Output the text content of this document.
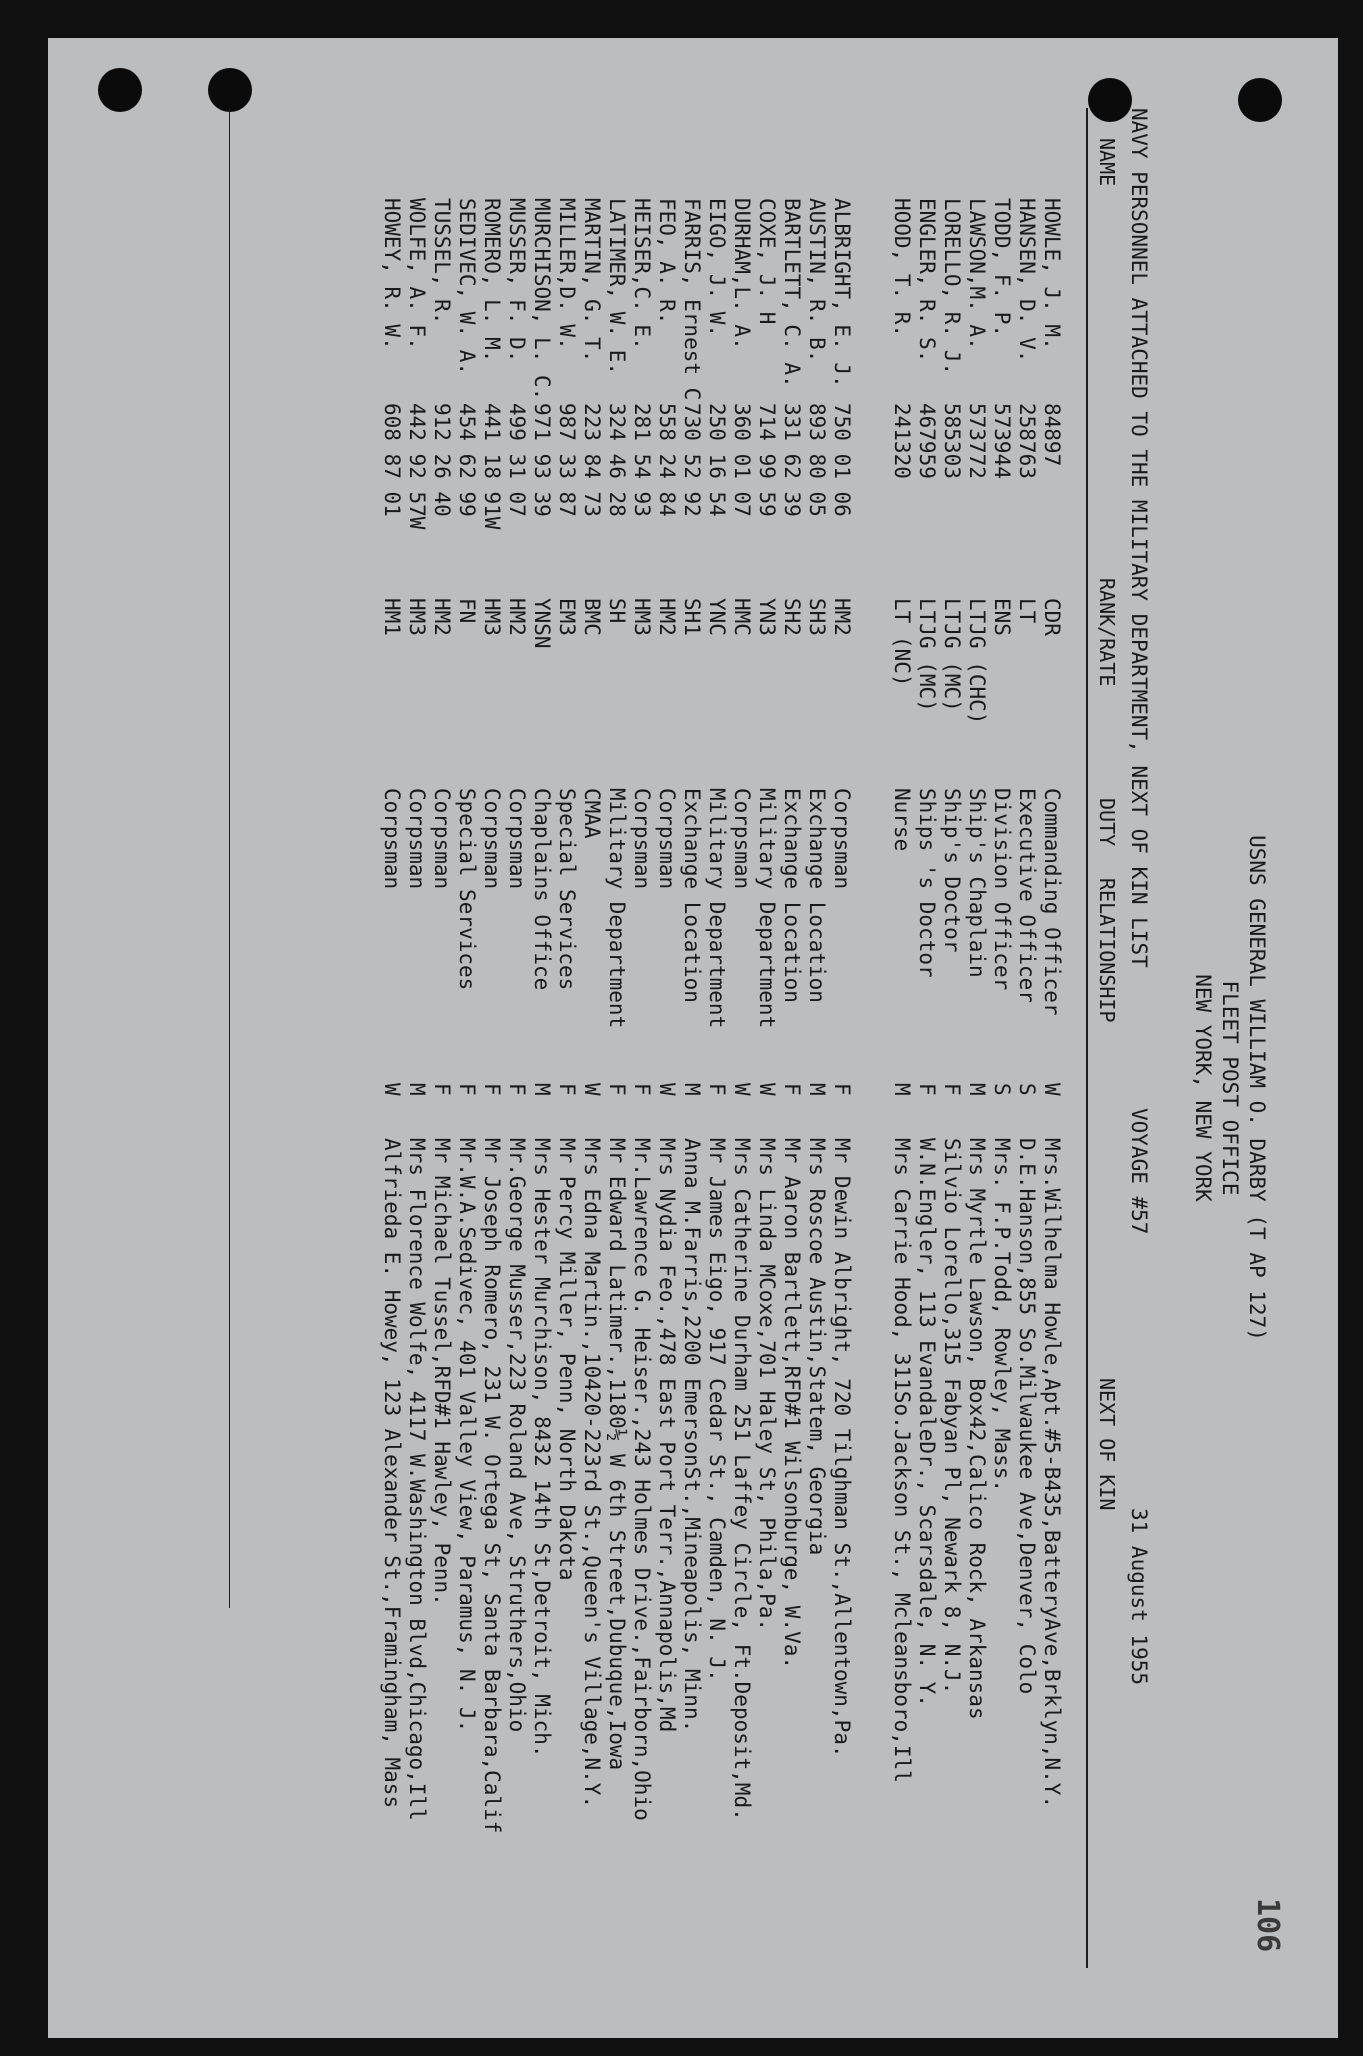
USNS GENERAL WILLIAM O. DARBY (T AP 127)
FLEET POST OFFICE
NEW YORK, NEW YORK
106
NAVY PERSONNEL ATTACHED TO THE MILITARY DEPARTMENT, NEXT OF KIN LIST
VOYAGE #57
31 August 1955
NAME
RANK/RATE
DUTY
RELATIONSHIP
NEXT OF KIN
HOWLE, J. M.
84897
CDR
Commanding Officer
W
Mrs.Wilhelma Howle,Apt.#5-B435,BatteryAve,Brklyn,N.Y.
HANSEN, D. V.
258763
LT
Executive Officer
S
D.E.Hanson,855 So.Milwaukee Ave,Denver, Colo
TODD, F. P.
573944
ENS
Division Officer
S
Mrs. F.P.Todd, Rowley, Mass.
LAWSON,M. A.
573772
LTJG (CHC)
Ship's Chaplain
M
Mrs Myrtle Lawson, Box42,Calico Rock, Arkansas
LORELLO, R. J.
585303
LTJG (MC)
Ship's Doctor
F
Silvio Lorello,315 Fabyan Pl, Newark 8, N.J.
ENGLER, R. S.
467959
LTJG (MC)
Ships 's Doctor
F
W.N.Engler, 113 EvandaleDr., Scarsdale, N. Y.
HOOD, T. R.
241320
LT (NC)
Nurse
M
Mrs Carrie Hood, 311So.Jackson St., Mcleansboro,Ill
ALBRIGHT, E. J.
750 01 06
HM2
Corpsman
F
Mr Dewin Albright, 720 Tilghman St.,Allentown,Pa.
AUSTIN, R. B.
893 80 05
SH3
Exchange Location
M
Mrs Roscoe Austin,Statem, Georgia
BARTLETT, C. A.
331 62 39
SH2
Exchange Location
F
Mr Aaron Bartlett,RFD#1 Wilsonburge, W.Va.
COXE, J. H
714 99 59
YN3
Military Department
W
Mrs Linda MCoxe,701 Haley St, Phila,Pa.
DURHAM,L. A.
360 01 07
HMC
Corpsman
W
Mrs Catherine Durham 251 Laffey Circle, Ft.Deposit,Md.
EIGO, J. W.
250 16 54
YNC
Military Department
F
Mr James Eigo, 917 Cedar St., Camden, N. J.
FARRIS, Ernest C
730 52 92
SH1
Exchange Location
M
Anna M.Farris,2200 EmersonSt.,Mineapolis, Minn.
FEO, A. R.
558 24 84
HM2
Corpsman
W
Mrs Nydia Feo.,478 East Port Terr.,Annapolis,Md
HEISER,C. E.
281 54 93
HM3
Corpsman
F
Mr.Lawrence G. Heiser.,243 Holmes Drive.,Fairborn,Ohio
LATIMER, W. E.
324 46 28
SH
Military Department
F
Mr Edward Latimer.,1180½ W 6th Street,Dubuque,Iowa
MARTIN, G. T.
223 84 73
BMC
CMAA
W
Mrs Edna Martin.,10420-223rd St.,Queen's Village,N.Y.
MILLER,D. W.
987 33 87
EM3
Special Services
F
Mr Percy Miller, Penn, North Dakota
MURCHISON, L. C.
971 93 39
YNSN
Chaplains Office
M
Mrs Hester Murchison, 8432 14th St,Detroit, Mich.
MUSSER, F. D.
499 31 07
HM2
Corpsman
F
Mr.George Musser,223 Roland Ave, Struthers,Ohio
ROMERO, L. M.
441 18 91W
HM3
Corpsman
F
Mr Joseph Romero, 231 W. Ortega St, Santa Barbara,Calif
SEDIVEC, W. A.
454 62 99
FN
Special Services
F
Mr.W.A.Sedivec, 401 Valley View, Paramus, N. J.
TUSSEL, R.
912 26 40
HM2
Corpsman
F
Mr Michael Tussel,RFD#1 Hawley, Penn.
WOLFE, A. F.
442 92 57W
HM3
Corpsman
M
Mrs Florence Wolfe, 4117 W.Washington Blvd,Chicago,Ill
HOWEY, R. W.
608 87 01
HM1
Corpsman
W
Alfrieda E. Howey, 123 Alexander St.,Framingham, Mass
